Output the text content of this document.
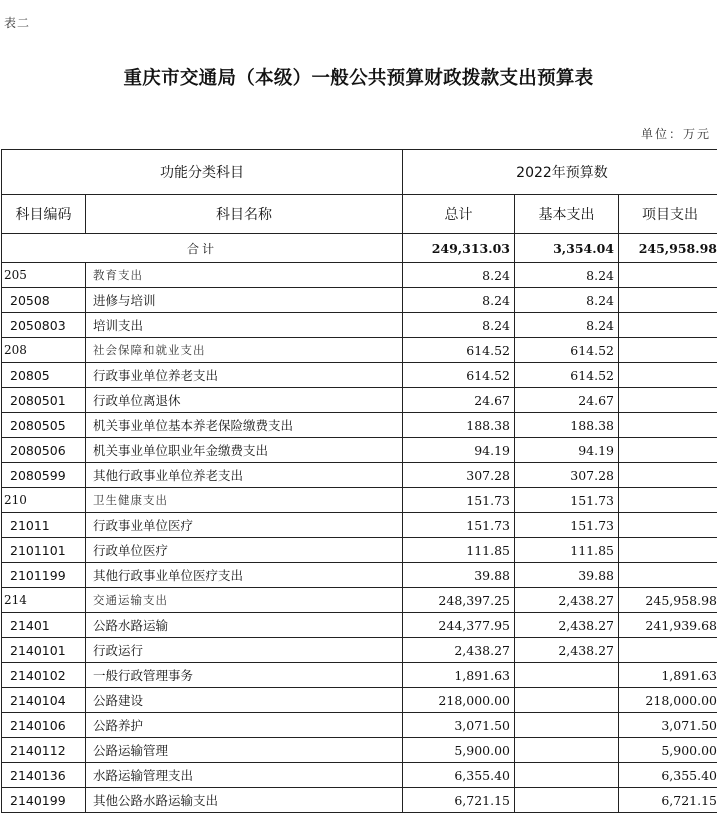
表二
重庆市交通局（本级）一般公共预算财政拨款支出预算表
单位：万元
功能分类科目		2022年预算数		
科目编码	科目名称	总计	基本支出	项目支出
合计		249,313.03	3,354.04	245,958.98
205	教育支出	8.24	8.24	
20508	进修与培训	8.24	8.24	
2050803	培训支出	8.24	8.24	
208	社会保障和就业支出	614.52	614.52	
20805	行政事业单位养老支出	614.52	614.52	
2080501	行政单位离退休	24.67	24.67	
2080505	机关事业单位基本养老保险缴费支出	188.38	188.38	
2080506	机关事业单位职业年金缴费支出	94.19	94.19	
2080599	其他行政事业单位养老支出	307.28	307.28	
210	卫生健康支出	151.73	151.73	
21011	行政事业单位医疗	151.73	151.73	
2101101	行政单位医疗	111.85	111.85	
2101199	其他行政事业单位医疗支出	39.88	39.88	
214	交通运输支出	248,397.25	2,438.27	245,958.98
21401	公路水路运输	244,377.95	2,438.27	241,939.68
2140101	行政运行	2,438.27	2,438.27	
2140102	一般行政管理事务	1,891.63		1,891.63
2140104	公路建设	218,000.00		218,000.00
2140106	公路养护	3,071.50		3,071.50
2140112	公路运输管理	5,900.00		5,900.00
2140136	水路运输管理支出	6,355.40		6,355.40
2140199	其他公路水路运输支出	6,721.15		6,721.15
